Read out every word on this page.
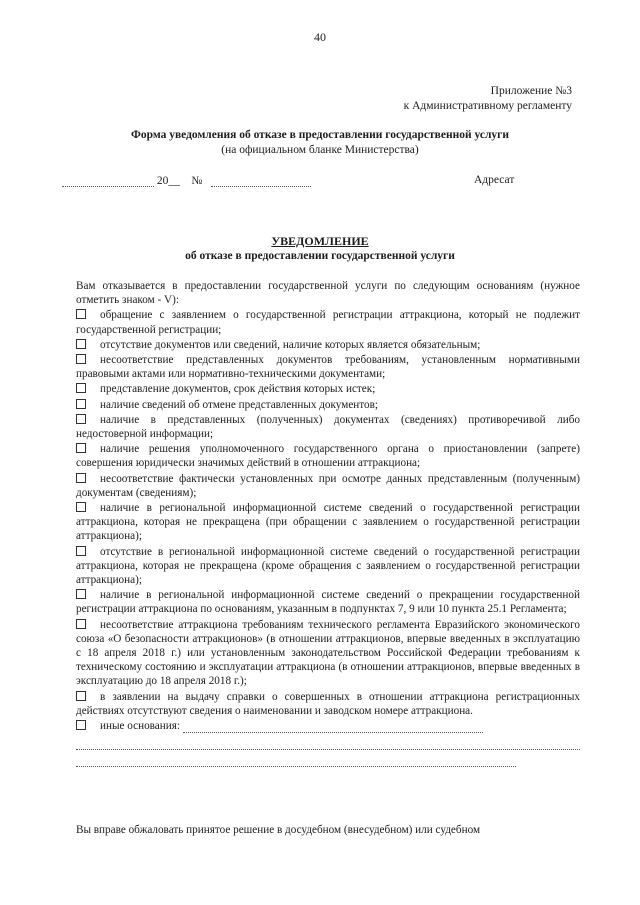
40
Приложение №3
к Административному регламенту
Форма уведомления об отказе в предоставлении государственной услуги
(на официальном бланке Министерства)
20__ №	Адресат
УВЕДОМЛЕНИЕ
об отказе в предоставлении государственной услуги
Вам отказывается в предоставлении государственной услуги по следующим основаниям (нужное отметить знаком - V):
обращение с заявлением о государственной регистрации аттракциона, который не подлежит государственной регистрации;
отсутствие документов или сведений, наличие которых является обязательным;
несоответствие представленных документов требованиям, установленным нормативными правовыми актами или нормативно-техническими документами;
представление документов, срок действия которых истек;
наличие сведений об отмене представленных документов;
наличие в представленных (полученных) документах (сведениях) противоречивой либо недостоверной информации;
наличие решения уполномоченного государственного органа о приостановлении (запрете) совершения юридически значимых действий в отношении аттракциона;
несоответствие фактически установленных при осмотре данных представленным (полученным) документам (сведениям);
наличие в региональной информационной системе сведений о государственной регистрации аттракциона, которая не прекращена (при обращении с заявлением о государственной регистрации аттракциона);
отсутствие в региональной информационной системе сведений о государственной регистрации аттракциона, которая не прекращена (кроме обращения с заявлением о государственной регистрации аттракциона);
наличие в региональной информационной системе сведений о прекращении государственной регистрации аттракциона по основаниям, указанным в подпунктах 7, 9 или 10 пункта 25.1 Регламента;
несоответствие аттракциона требованиям технического регламента Евразийского экономического союза «О безопасности аттракционов» (в отношении аттракционов, впервые введенных в эксплуатацию с 18 апреля 2018 г.) или установленным законодательством Российской Федерации требованиям к техническому состоянию и эксплуатации аттракциона (в отношении аттракционов, впервые введенных в эксплуатацию до 18 апреля 2018 г.);
в заявлении на выдачу справки о совершенных в отношении аттракциона регистрационных действиях отсутствуют сведения о наименовании и заводском номере аттракциона.
иные основания:
Вы вправе обжаловать принятое решение в досудебном (внесудебном) или судебном
